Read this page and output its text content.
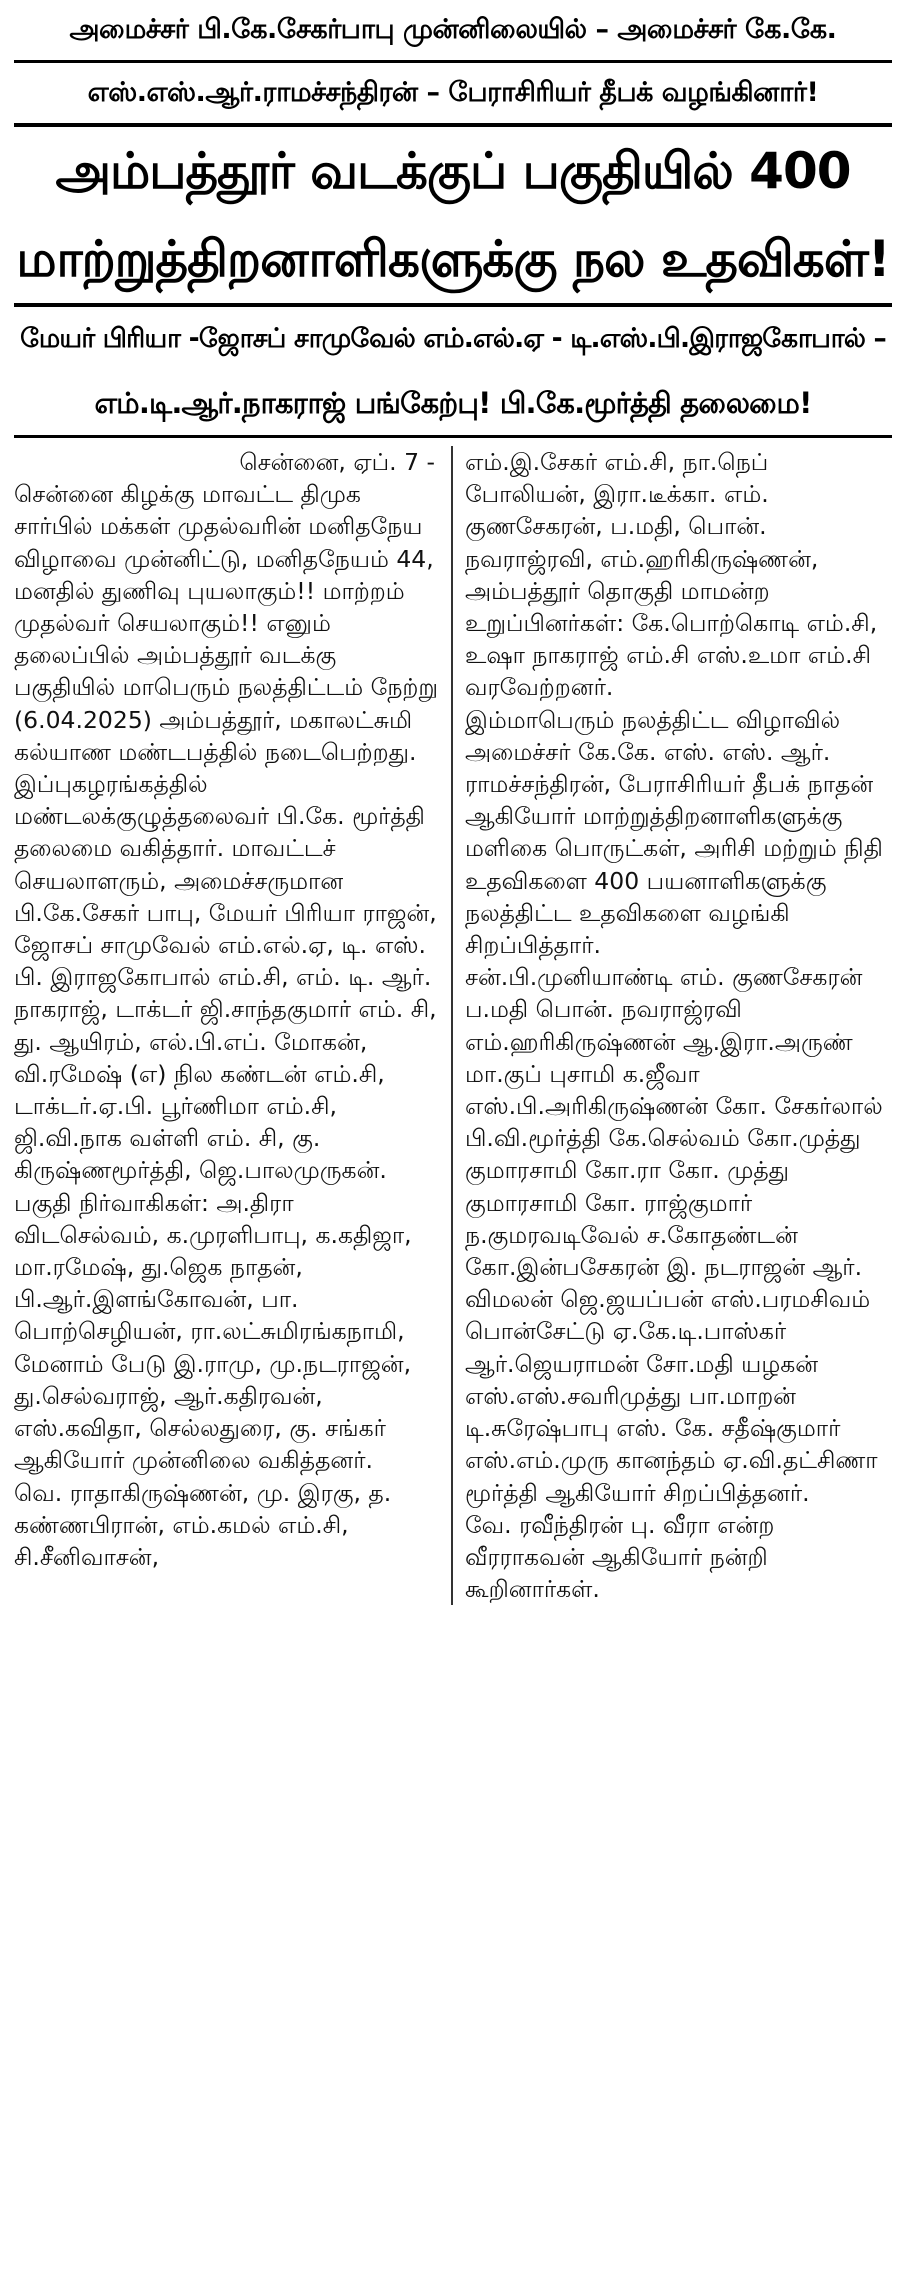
அமைச்சர் பி.கே.சேகர்பாபு முன்னிலையில் – அமைச்சர் கே.கே.
எஸ்.எஸ்.ஆர்.ராமச்சந்திரன் – பேராசிரியர் தீபக் வழங்கினார்!
அம்பத்தூர் வடக்குப் பகுதியில் 400
மாற்றுத்திறனாளிகளுக்கு நல உதவிகள்!
மேயர் பிரியா -ஜோசப் சாமுவேல் எம்.எல்.ஏ - டி.எஸ்.பி.இராஜகோபால் –
எம்.டி.ஆர்.நாகராஜ் பங்கேற்பு! பி.கே.மூர்த்தி தலைமை!

சென்னை, ஏப். 7 -

சென்னை கிழக்கு மாவட்ட திமுக சார்பில் மக்கள் முதல்வரின் மனிதநேய விழாவை முன்னிட்டு, மனிதநேயம் 44, மனதில் துணிவு புயலாகும்!! மாற்றம் முதல்வர் செயலாகும்!! எனும் தலைப்பில் அம்பத்தூர் வடக்கு பகுதியில் மாபெரும் நலத்திட்டம் நேற்று (6.04.2025) அம்பத்தூர், மகாலட்சுமி கல்யாண மண்டபத்தில் நடைபெற்றது.

இப்புகழரங்கத்தில் மண்டலக்குழுத்தலைவர் பி.கே. மூர்த்தி தலைமை வகித்தார். மாவட்டச் செயலாளரும், அமைச்சருமான பி.கே.சேகர் பாபு, மேயர் பிரியா ராஜன், ஜோசப் சாமுவேல் எம்.எல்.ஏ, டி. எஸ். பி. இராஜகோபால் எம்.சி, எம். டி. ஆர். நாகராஜ், டாக்டர் ஜி.சாந்தகுமார் எம். சி, து. ஆயிரம், எல்.பி.எப். மோகன், வி.ரமேஷ் (எ) நில கண்டன் எம்.சி, டாக்டர்.ஏ.பி. பூர்ணிமா எம்.சி, ஜி.வி.நாக வள்ளி எம். சி, கு. கிருஷ்ணமூர்த்தி, ஜெ.பாலமுருகன்.

பகுதி நிர்வாகிகள்: அ.திரா விடசெல்வம், க.முரளிபாபு, க.கதிஜா, மா.ரமேஷ், து.ஜெக நாதன், பி.ஆர்.இளங்கோவன், பா. பொற்செழியன், ரா.லட்சுமிரங்கநாமி, மேனாம் பேடு இ.ராமு, மு.நடராஜன், து.செல்வராஜ், ஆர்.கதிரவன், எஸ்.கவிதா, செல்லதுரை, கு. சங்கர் ஆகியோர் முன்னிலை வகித்தனர்.

வெ. ராதாகிருஷ்ணன், மு. இரகு, த. கண்ணபிரான், எம்.கமல் எம்.சி, சி.சீனிவாசன்,

எம்.இ.சேகர் எம்.சி, நா.நெப் போலியன், இரா.டீக்கா. எம். குணசேகரன், ப.மதி, பொன். நவராஜ்ரவி, எம்.ஹரிகிருஷ்ணன், அம்பத்தூர் தொகுதி மாமன்ற உறுப்பினர்கள்: கே.பொற்கொடி எம்.சி, உஷா நாகராஜ் எம்.சி எஸ்.உமா எம்.சி வரவேற்றனர்.

இம்மாபெரும் நலத்திட்ட விழாவில் அமைச்சர் கே.கே. எஸ். எஸ். ஆர். ராமச்சந்திரன், பேராசிரியர் தீபக் நாதன் ஆகியோர் மாற்றுத்திறனாளிகளுக்கு மளிகை பொருட்கள், அரிசி மற்றும் நிதி உதவிகளை 400 பயனாளிகளுக்கு நலத்திட்ட உதவிகளை வழங்கி சிறப்பித்தார்.

சன்.பி.முனியாண்டி எம். குணசேகரன் ப.மதி பொன். நவராஜ்ரவி எம்.ஹரிகிருஷ்ணன் ஆ.இரா.அருண் மா.குப் புசாமி க.ஜீவா எஸ்.பி.அரிகிருஷ்ணன் கோ. சேகர்லால் பி.வி.மூர்த்தி கே.செல்வம் கோ.முத்து குமாரசாமி கோ.ரா கோ. முத்து குமாரசாமி கோ. ராஜ்குமார் ந.குமரவடிவேல் ச.கோதண்டன் கோ.இன்பசேகரன் இ. நடராஜன் ஆர். விமலன் ஜெ.ஜயப்பன் எஸ்.பரமசிவம் பொன்சேட்டு ஏ.கே.டி.பாஸ்கர் ஆர்.ஜெயராமன் சோ.மதி யழகன் எஸ்.எஸ்.சவரிமுத்து பா.மாறன் டி.சுரேஷ்பாபு எஸ். கே. சதீஷ்குமார் எஸ்.எம்.முரு கானந்தம் ஏ.வி.தட்சிணா மூர்த்தி ஆகியோர் சிறப்பித்தனர்.

வே. ரவீந்திரன் பு. வீரா என்ற வீரராகவன் ஆகியோர் நன்றி கூறினார்கள்.
